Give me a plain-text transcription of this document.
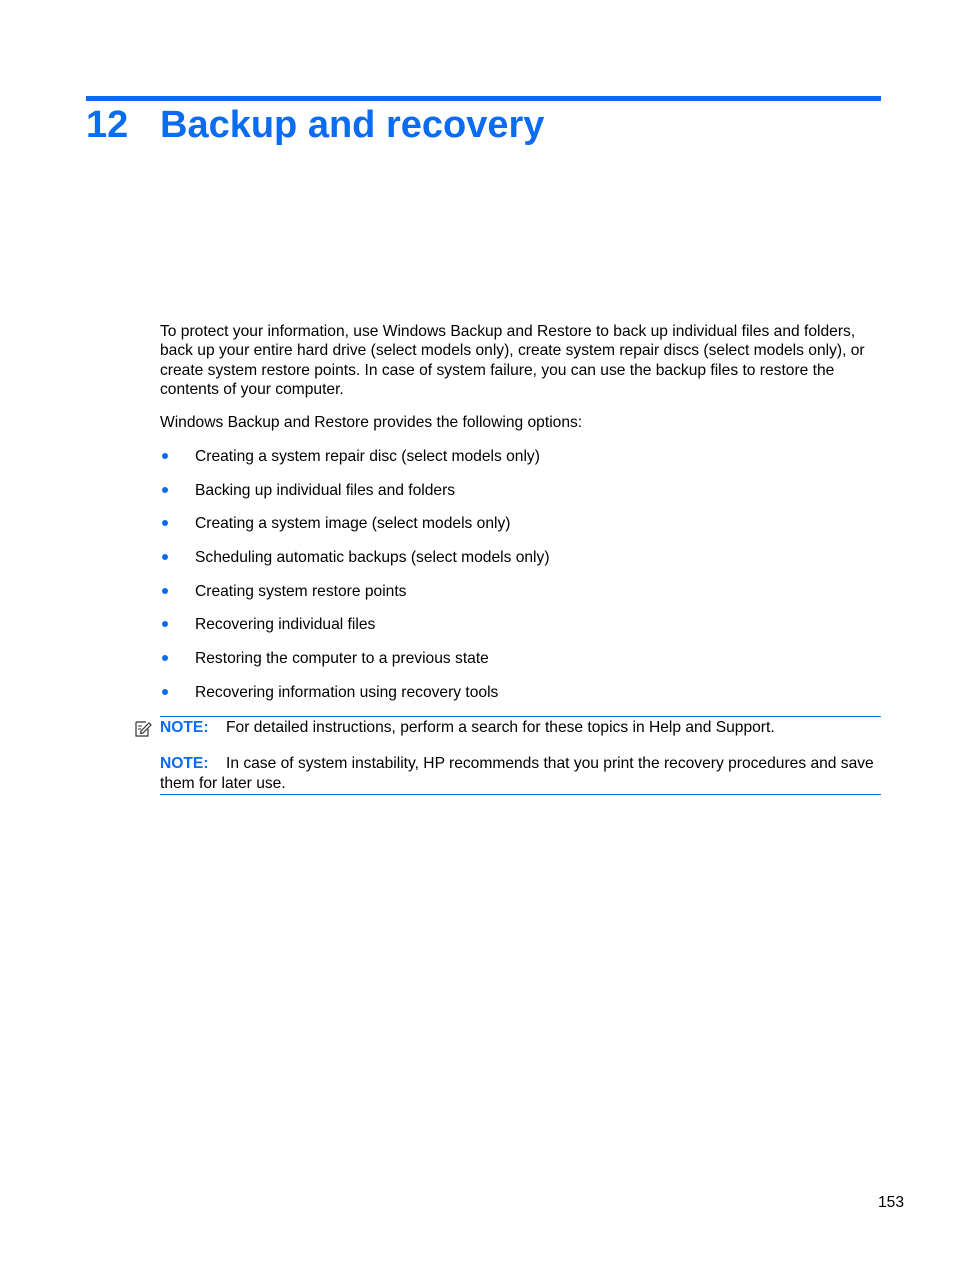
12 Backup and recovery

To protect your information, use Windows Backup and Restore to back up individual files and folders, back up your entire hard drive (select models only), create system repair discs (select models only), or create system restore points. In case of system failure, you can use the backup files to restore the contents of your computer.

Windows Backup and Restore provides the following options:

Creating a system repair disc (select models only)
Backing up individual files and folders
Creating a system image (select models only)
Scheduling automatic backups (select models only)
Creating system restore points
Recovering individual files
Restoring the computer to a previous state
Recovering information using recovery tools

NOTE: For detailed instructions, perform a search for these topics in Help and Support.

NOTE: In case of system instability, HP recommends that you print the recovery procedures and save them for later use.

153
